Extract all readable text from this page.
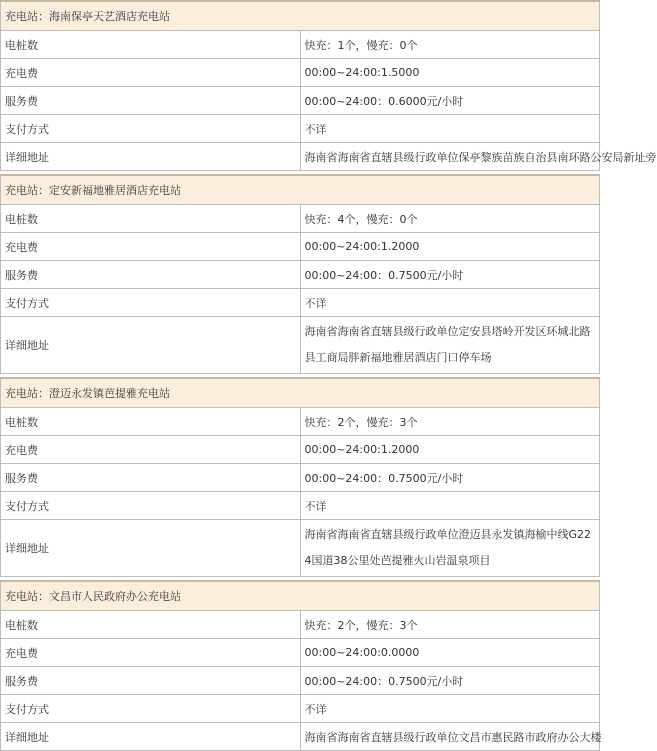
充电站：海南保亭天艺酒店充电站	
电桩数	快充：1个，慢充：0个
充电费	00:00~24:00:1.5000
服务费	00:00~24:00：0.6000元/小时
支付方式	不详
详细地址	海南省海南省直辖县级行政单位保亭黎族苗族自治县南环路公安局新址旁
充电站：定安新福地雅居酒店充电站	
电桩数	快充：4个，慢充：0个
充电费	00:00~24:00:1.2000
服务费	00:00~24:00：0.7500元/小时
支付方式	不详
详细地址	海南省海南省直辖县级行政单位定安县塔岭开发区环城北路县工商局胖新福地雅居酒店门口停车场
充电站：澄迈永发镇芭提雅充电站	
电桩数	快充：2个，慢充：3个
充电费	00:00~24:00:1.2000
服务费	00:00~24:00：0.7500元/小时
支付方式	不详
详细地址	海南省海南省直辖县级行政单位澄迈县永发镇海榆中线G224国道38公里处芭提雅火山岩温泉项目
充电站：文昌市人民政府办公充电站	
电桩数	快充：2个，慢充：3个
充电费	00:00~24:00:0.0000
服务费	00:00~24:00：0.7500元/小时
支付方式	不详
详细地址	海南省海南省直辖县级行政单位文昌市惠民路市政府办公大楼
